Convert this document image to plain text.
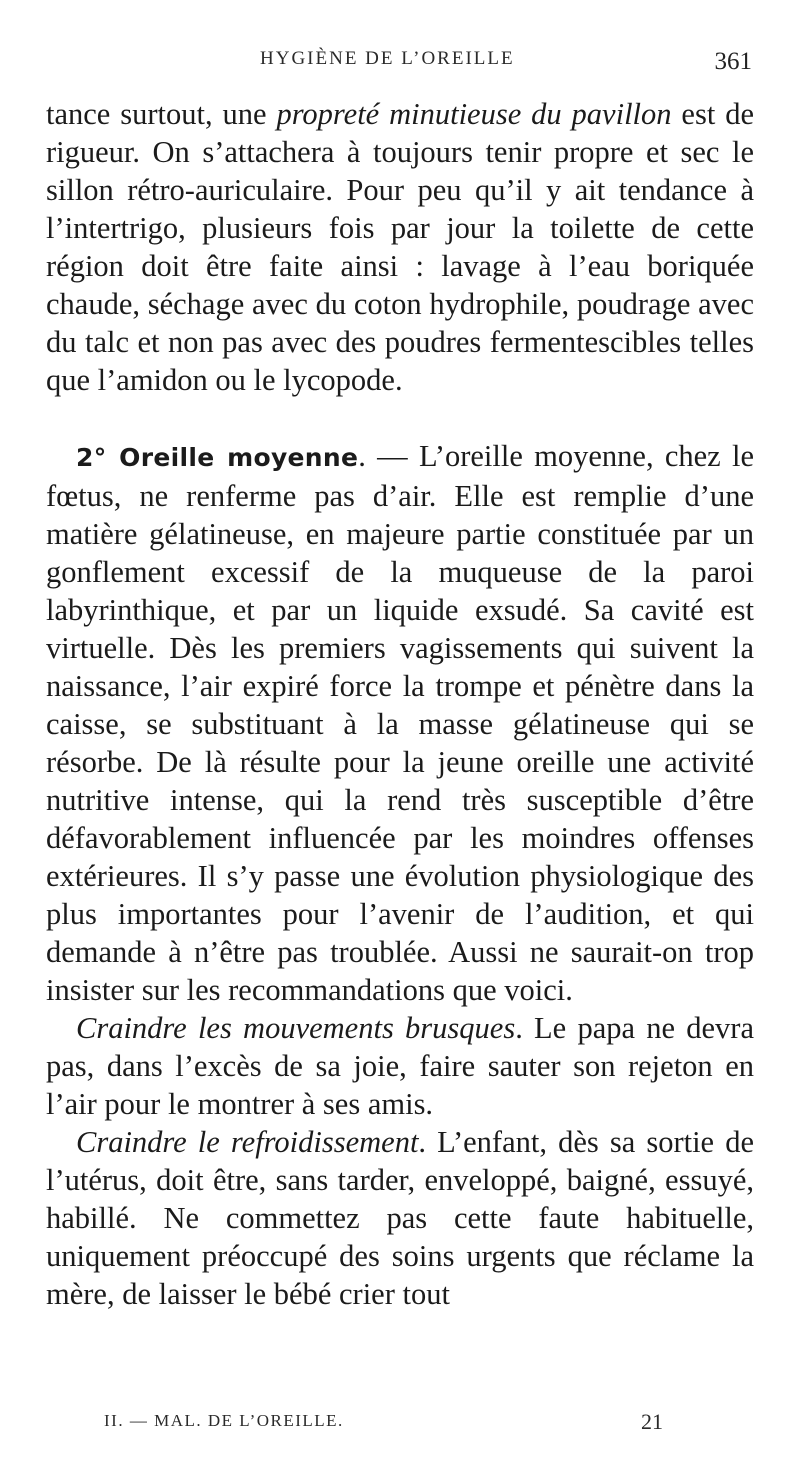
HYGIÈNE DE L’OREILLE	361

tance surtout, une propreté minutieuse du pavillon est de rigueur. On s’attachera à toujours tenir propre et sec le sillon rétro-auriculaire. Pour peu qu’il y ait tendance à l’intertrigo, plusieurs fois par jour la toilette de cette région doit être faite ainsi : lavage à l’eau boriquée chaude, séchage avec du coton hydrophile, poudrage avec du talc et non pas avec des poudres fermentescibles telles que l’amidon ou le lycopode.

2° Oreille moyenne. — L’oreille moyenne, chez le fœtus, ne renferme pas d’air. Elle est remplie d’une matière gélatineuse, en majeure partie constituée par un gonflement excessif de la muqueuse de la paroi labyrinthique, et par un liquide exsudé. Sa cavité est virtuelle. Dès les premiers vagissements qui suivent la naissance, l’air expiré force la trompe et pénètre dans la caisse, se substituant à la masse gélatineuse qui se résorbe. De là résulte pour la jeune oreille une activité nutritive intense, qui la rend très susceptible d’être défavorablement influencée par les moindres offenses extérieures. Il s’y passe une évolution physiologique des plus importantes pour l’avenir de l’audition, et qui demande à n’être pas troublée. Aussi ne saurait-on trop insister sur les recommandations que voici.

Craindre les mouvements brusques. Le papa ne devra pas, dans l’excès de sa joie, faire sauter son rejeton en l’air pour le montrer à ses amis.

Craindre le refroidissement. L’enfant, dès sa sortie de l’utérus, doit être, sans tarder, enveloppé, baigné, essuyé, habillé. Ne commettez pas cette faute habituelle, uniquement préoccupé des soins urgents que réclame la mère, de laisser le bébé crier tout

II. — MAL. DE L’OREILLE.	21
